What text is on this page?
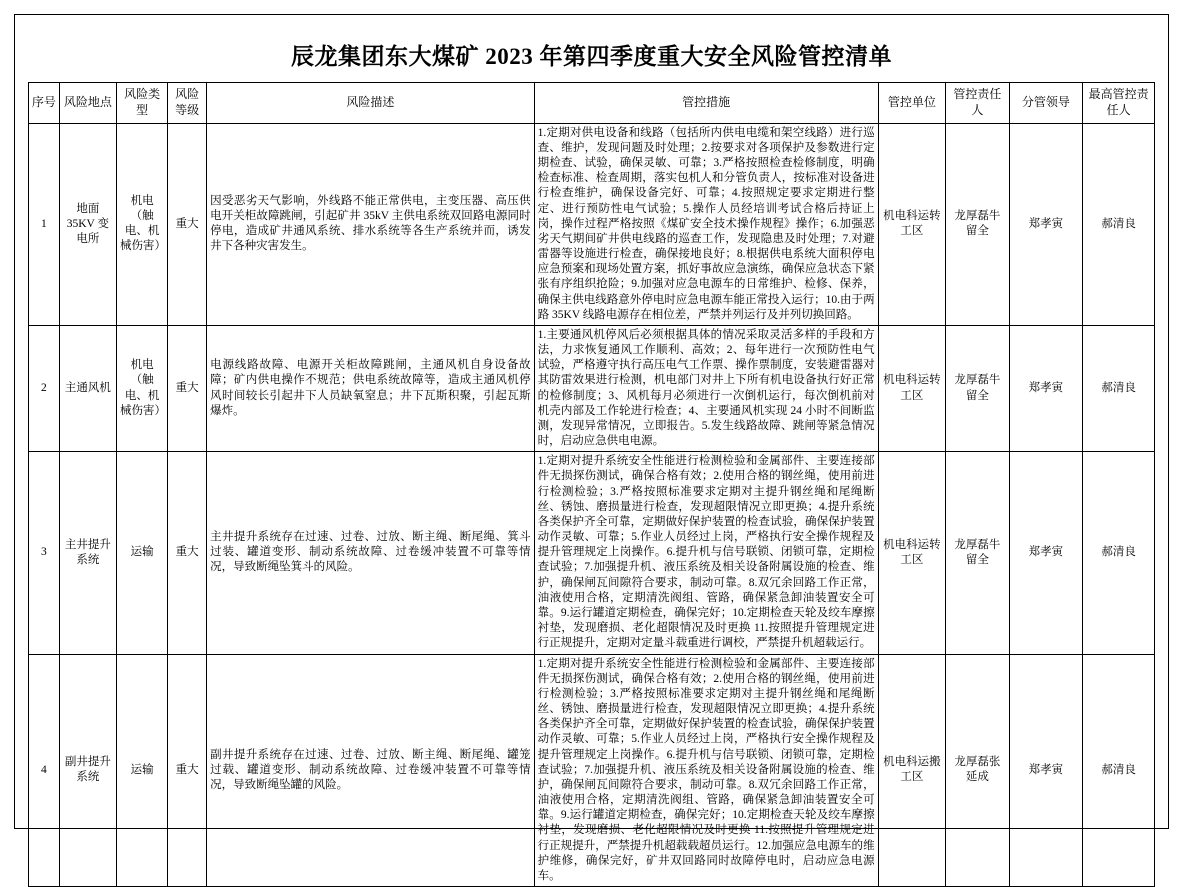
辰龙集团东大煤矿 2023 年第四季度重大安全风险管控清单
序号	风险地点	风险类型	风险等级	风险描述	管控措施	管控单位	管控责任人	分管领导	最高管控责任人
1	地面 35KV 变电所	机电（触电、机械伤害）	重大	因受恶劣天气影响，外线路不能正常供电，主变压器、高压供电开关柜故障跳闸，引起矿井 35kV 主供电系统双回路电源同时停电，造成矿井通风系统、排水系统等各生产系统并而，诱发井下各种灾害发生。	1.定期对供电设备和线路（包括所内供电电缆和架空线路）进行巡查、维护，发现问题及时处理；2.按要求对各项保护及参数进行定期检查、试验，确保灵敏、可靠；3.严格按照检查检修制度，明确检查标准、检查周期，落实包机人和分管负责人，按标准对设备进行检查维护，确保设备完好、可靠；4.按照规定要求定期进行整定、进行预防性电气试验；5.操作人员经培训考试合格后持证上岗，操作过程严格按照《煤矿安全技术操作规程》操作；6.加强恶劣天气期间矿井供电线路的巡查工作，发现隐患及时处理；7.对避雷器等设施进行检查，确保接地良好；8.根据供电系统大面积停电应急预案和现场处置方案，抓好事故应急演练，确保应急状态下紧张有序组织抢险；9.加强对应急电源车的日常维护、检修、保养，确保主供电线路意外停电时应急电源车能正常投入运行；10.由于两路 35KV 线路电源存在相位差，严禁并列运行及并列切换回路。	机电科运转工区	龙厚磊牛留全	郑孝寅	郝清良
2	主通风机	机电（触电、机械伤害）	重大	电源线路故障、电源开关柜故障跳闸，主通风机自身设备故障；矿内供电操作不规范；供电系统故障等，造成主通风机停风时间较长引起井下人员缺氧窒息；井下瓦斯积聚，引起瓦斯爆炸。	1.主要通风机停风后必须根据具体的情况采取灵活多样的手段和方法，力求恢复通风工作顺利、高效；2、每年进行一次预防性电气试验，严格遵守执行高压电气工作票、操作票制度，安装避雷器对其防雷效果进行检测，机电部门对井上下所有机电设备执行好正常的检修制度；3、风机每月必须进行一次倒机运行，每次倒机前对机壳内部及工作轮进行检查；4、主要通风机实现 24 小时不间断监测，发现异常情况，立即报告。5.发生线路故障、跳闸等紧急情况时，启动应急供电电源。	机电科运转工区	龙厚磊牛留全	郑孝寅	郝清良
3	主井提升系统	运输	重大	主井提升系统存在过速、过卷、过放、断主绳、断尾绳、箕斗过装、罐道变形、制动系统故障、过卷缓冲装置不可靠等情况，导致断绳坠箕斗的风险。	1.定期对提升系统安全性能进行检测检验和金属部件、主要连接部件无损探伤测试，确保合格有效；2.使用合格的钢丝绳，使用前进行检测检验；3.严格按照标准要求定期对主提升钢丝绳和尾绳断丝、锈蚀、磨损量进行检查，发现超限情况立即更换；4.提升系统各类保护齐全可靠，定期做好保护装置的检查试验，确保保护装置动作灵敏、可靠；5.作业人员经过上岗，严格执行安全操作规程及提升管理规定上岗操作。6.提升机与信号联锁、闭锁可靠，定期检查试验；7.加强提升机、液压系统及相关设备附属设施的检查、维护，确保闸瓦间隙符合要求，制动可靠。8.双冗余回路工作正常，油液使用合格，定期清洗阀组、管路，确保紧急卸油装置安全可靠。9.运行罐道定期检查，确保完好；10.定期检查天轮及绞车摩擦衬垫，发现磨损、老化超限情况及时更换 11.按照提升管理规定进行正规提升，定期对定量斗载重进行调校，严禁提升机超载运行。	机电科运转工区	龙厚磊牛留全	郑孝寅	郝清良
4	副井提升系统	运输	重大	副井提升系统存在过速、过卷、过放、断主绳、断尾绳、罐笼过载、罐道变形、制动系统故障、过卷缓冲装置不可靠等情况，导致断绳坠罐的风险。	1.定期对提升系统安全性能进行检测检验和金属部件、主要连接部件无损探伤测试，确保合格有效；2.使用合格的钢丝绳，使用前进行检测检验；3.严格按照标准要求定期对主提升钢丝绳和尾绳断丝、锈蚀、磨损量进行检查，发现超限情况立即更换；4.提升系统各类保护齐全可靠，定期做好保护装置的检查试验，确保保护装置动作灵敏、可靠；5.作业人员经过上岗，严格执行安全操作规程及提升管理规定上岗操作。6.提升机与信号联锁、闭锁可靠，定期检查试验；7.加强提升机、液压系统及相关设备附属设施的检查、维护，确保闸瓦间隙符合要求，制动可靠。8.双冗余回路工作正常，油液使用合格，定期清洗阀组、管路，确保紧急卸油装置安全可靠。9.运行罐道定期检查，确保完好；10.定期检查天轮及绞车摩擦衬垫，发现磨损、老化超限情况及时更换 11.按照提升管理规定进行正规提升，严禁提升机超载载超员运行。12.加强应急电源车的维护维修，确保完好，矿井双回路同时故障停电时，启动应急电源车。	机电科运搬工区	龙厚磊张延成	郑孝寅	郝清良
